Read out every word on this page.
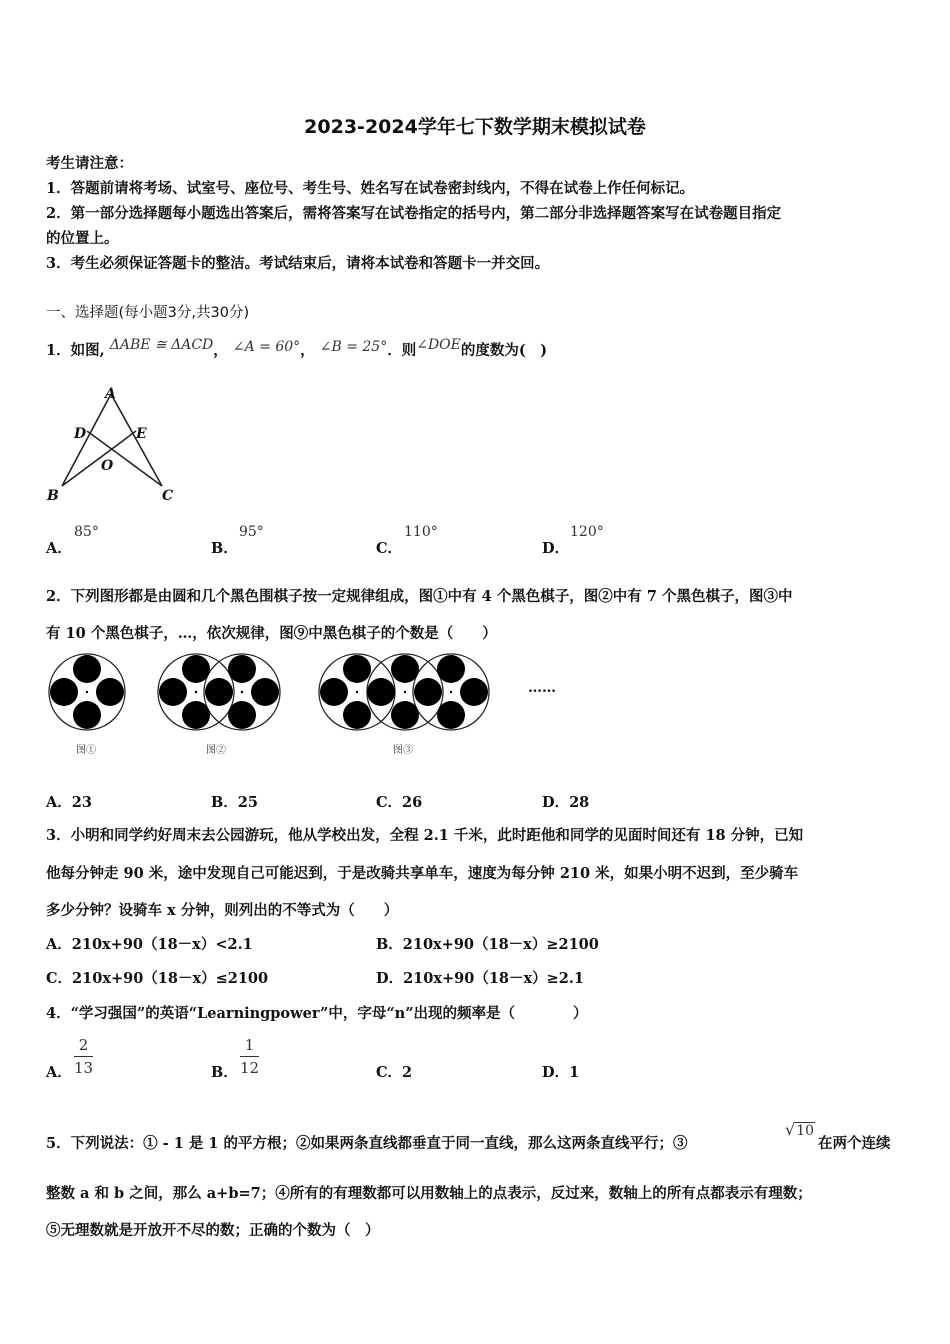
2023-2024学年七下数学期末模拟试卷
考生请注意：
1．答题前请将考场、试室号、座位号、考生号、姓名写在试卷密封线内，不得在试卷上作任何标记。
2．第一部分选择题每小题选出答案后，需将答案写在试卷指定的括号内，第二部分非选择题答案写在试卷题目指定
的位置上。
3．考生必须保证答题卡的整洁。考试结束后，请将本试卷和答题卡一并交回。
一、选择题(每小题3分,共30分)
1．如图, ΔABE ≅ ΔACD， ∠A = 60°， ∠B = 25°．则∠DOE的度数为(　)
A
D	E
O
B	C
A．
85°
B．
95°
C．
110°
D．
120°
2．下列图形都是由圆和几个黑色围棋子按一定规律组成，图①中有 4 个黑色棋子，图②中有 7 个黑色棋子，图③中
有 10 个黑色棋子，…，依次规律，图⑨中黑色棋子的个数是（　　）
图①	图②	图③
……
A．23	B．25	C．26	D．28
3．小明和同学约好周末去公园游玩，他从学校出发，全程 2.1 千米，此时距他和同学的见面时间还有 18 分钟，已知
他每分钟走 90 米，途中发现自己可能迟到，于是改骑共享单车，速度为每分钟 210 米，如果小明不迟到，至少骑车
多少分钟？设骑车 x 分钟，则列出的不等式为（　　）
A．210x+90（18－x）<2.1	B．210x+90（18－x）≥2100
C．210x+90（18－x）≤2100	D．210x+90（18－x）≥2.1
4．“学习强国”的英语“Learningpower”中，字母“n”出现的频率是（　　　　）
A．
2
13	B．
1
12	C．2	D．1
5．下列说法：① - 1 是 1 的平方根；②如果两条直线都垂直于同一直线，那么这两条直线平行；③
√10
在两个连续
整数 a 和 b 之间，那么 a+b=7；④所有的有理数都可以用数轴上的点表示，反过来，数轴上的所有点都表示有理数；
⑤无理数就是开放开不尽的数；正确的个数为（　）
